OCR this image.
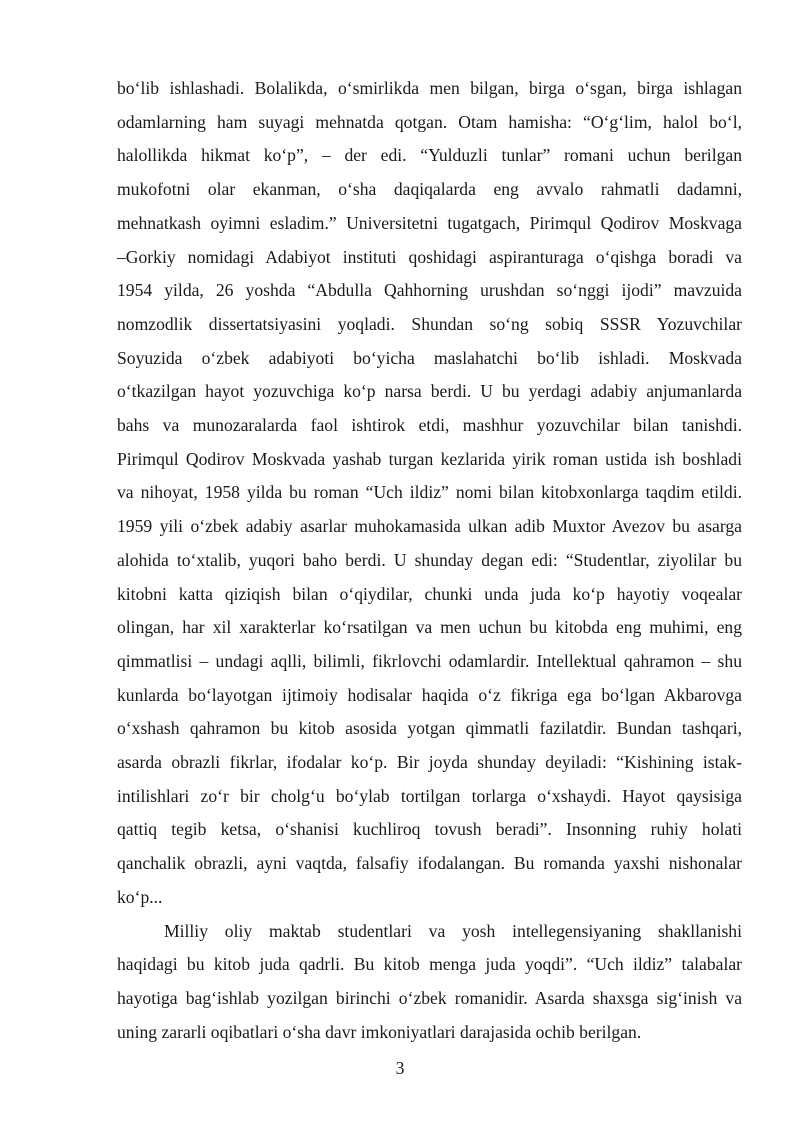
bo‘lib ishlashadi. Bolalikda, o‘smirlikda men bilgan, birga o‘sgan, birga ishlagan

odamlarning ham suyagi mehnatda qotgan. Otam hamisha: “O‘g‘lim, halol bo‘l,

halollikda hikmat ko‘p”, – der edi. “Yulduzli tunlar” romani uchun berilgan

mukofotni olar ekanman, o‘sha daqiqalarda eng avvalo rahmatli dadamni,

mehnatkash oyimni esladim.” Universitetni tugatgach, Pirimqul Qodirov Moskvaga

–Gorkiy nomidagi Adabiyot instituti qoshidagi aspiranturaga o‘qishga boradi va

1954 yilda, 26 yoshda “Abdulla Qahhorning urushdan so‘nggi ijodi” mavzuida

nomzodlik dissertatsiyasini yoqladi. Shundan so‘ng sobiq SSSR Yozuvchilar

Soyuzida o‘zbek adabiyoti bo‘yicha maslahatchi bo‘lib ishladi. Moskvada

o‘tkazilgan hayot yozuvchiga ko‘p narsa berdi. U bu yerdagi adabiy anjumanlarda

bahs va munozaralarda faol ishtirok etdi, mashhur yozuvchilar bilan tanishdi.

Pirimqul Qodirov Moskvada yashab turgan kezlarida yirik roman ustida ish boshladi

va nihoyat, 1958 yilda bu roman “Uch ildiz” nomi bilan kitobxonlarga taqdim etildi.

1959 yili o‘zbek adabiy asarlar muhokamasida ulkan adib Muxtor Avezov bu asarga

alohida to‘xtalib, yuqori baho berdi. U shunday degan edi: “Studentlar, ziyolilar bu

kitobni katta qiziqish bilan o‘qiydilar, chunki unda juda ko‘p hayotiy voqealar

olingan, har xil xarakterlar ko‘rsatilgan va men uchun bu kitobda eng muhimi, eng

qimmatlisi – undagi aqlli, bilimli, fikrlovchi odamlardir. Intellektual qahramon – shu

kunlarda bo‘layotgan ijtimoiy hodisalar haqida o‘z fikriga ega bo‘lgan Akbarovga

o‘xshash qahramon bu kitob asosida yotgan qimmatli fazilatdir. Bundan tashqari,

asarda obrazli fikrlar, ifodalar ko‘p. Bir joyda shunday deyiladi: “Kishining istak-

intilishlari zo‘r bir cholg‘u bo‘ylab tortilgan torlarga o‘xshaydi. Hayot qaysisiga

qattiq tegib ketsa, o‘shanisi kuchliroq tovush beradi”. Insonning ruhiy holati

qanchalik obrazli, ayni vaqtda, falsafiy ifodalangan. Bu romanda yaxshi nishonalar

ko‘p...

Milliy oliy maktab studentlari va yosh intellegensiyaning shakllanishi

haqidagi bu kitob juda qadrli. Bu kitob menga juda yoqdi”. “Uch ildiz” talabalar

hayotiga bag‘ishlab yozilgan birinchi o‘zbek romanidir. Asarda shaxsga sig‘inish va

uning zararli oqibatlari o‘sha davr imkoniyatlari darajasida ochib berilgan.

3
